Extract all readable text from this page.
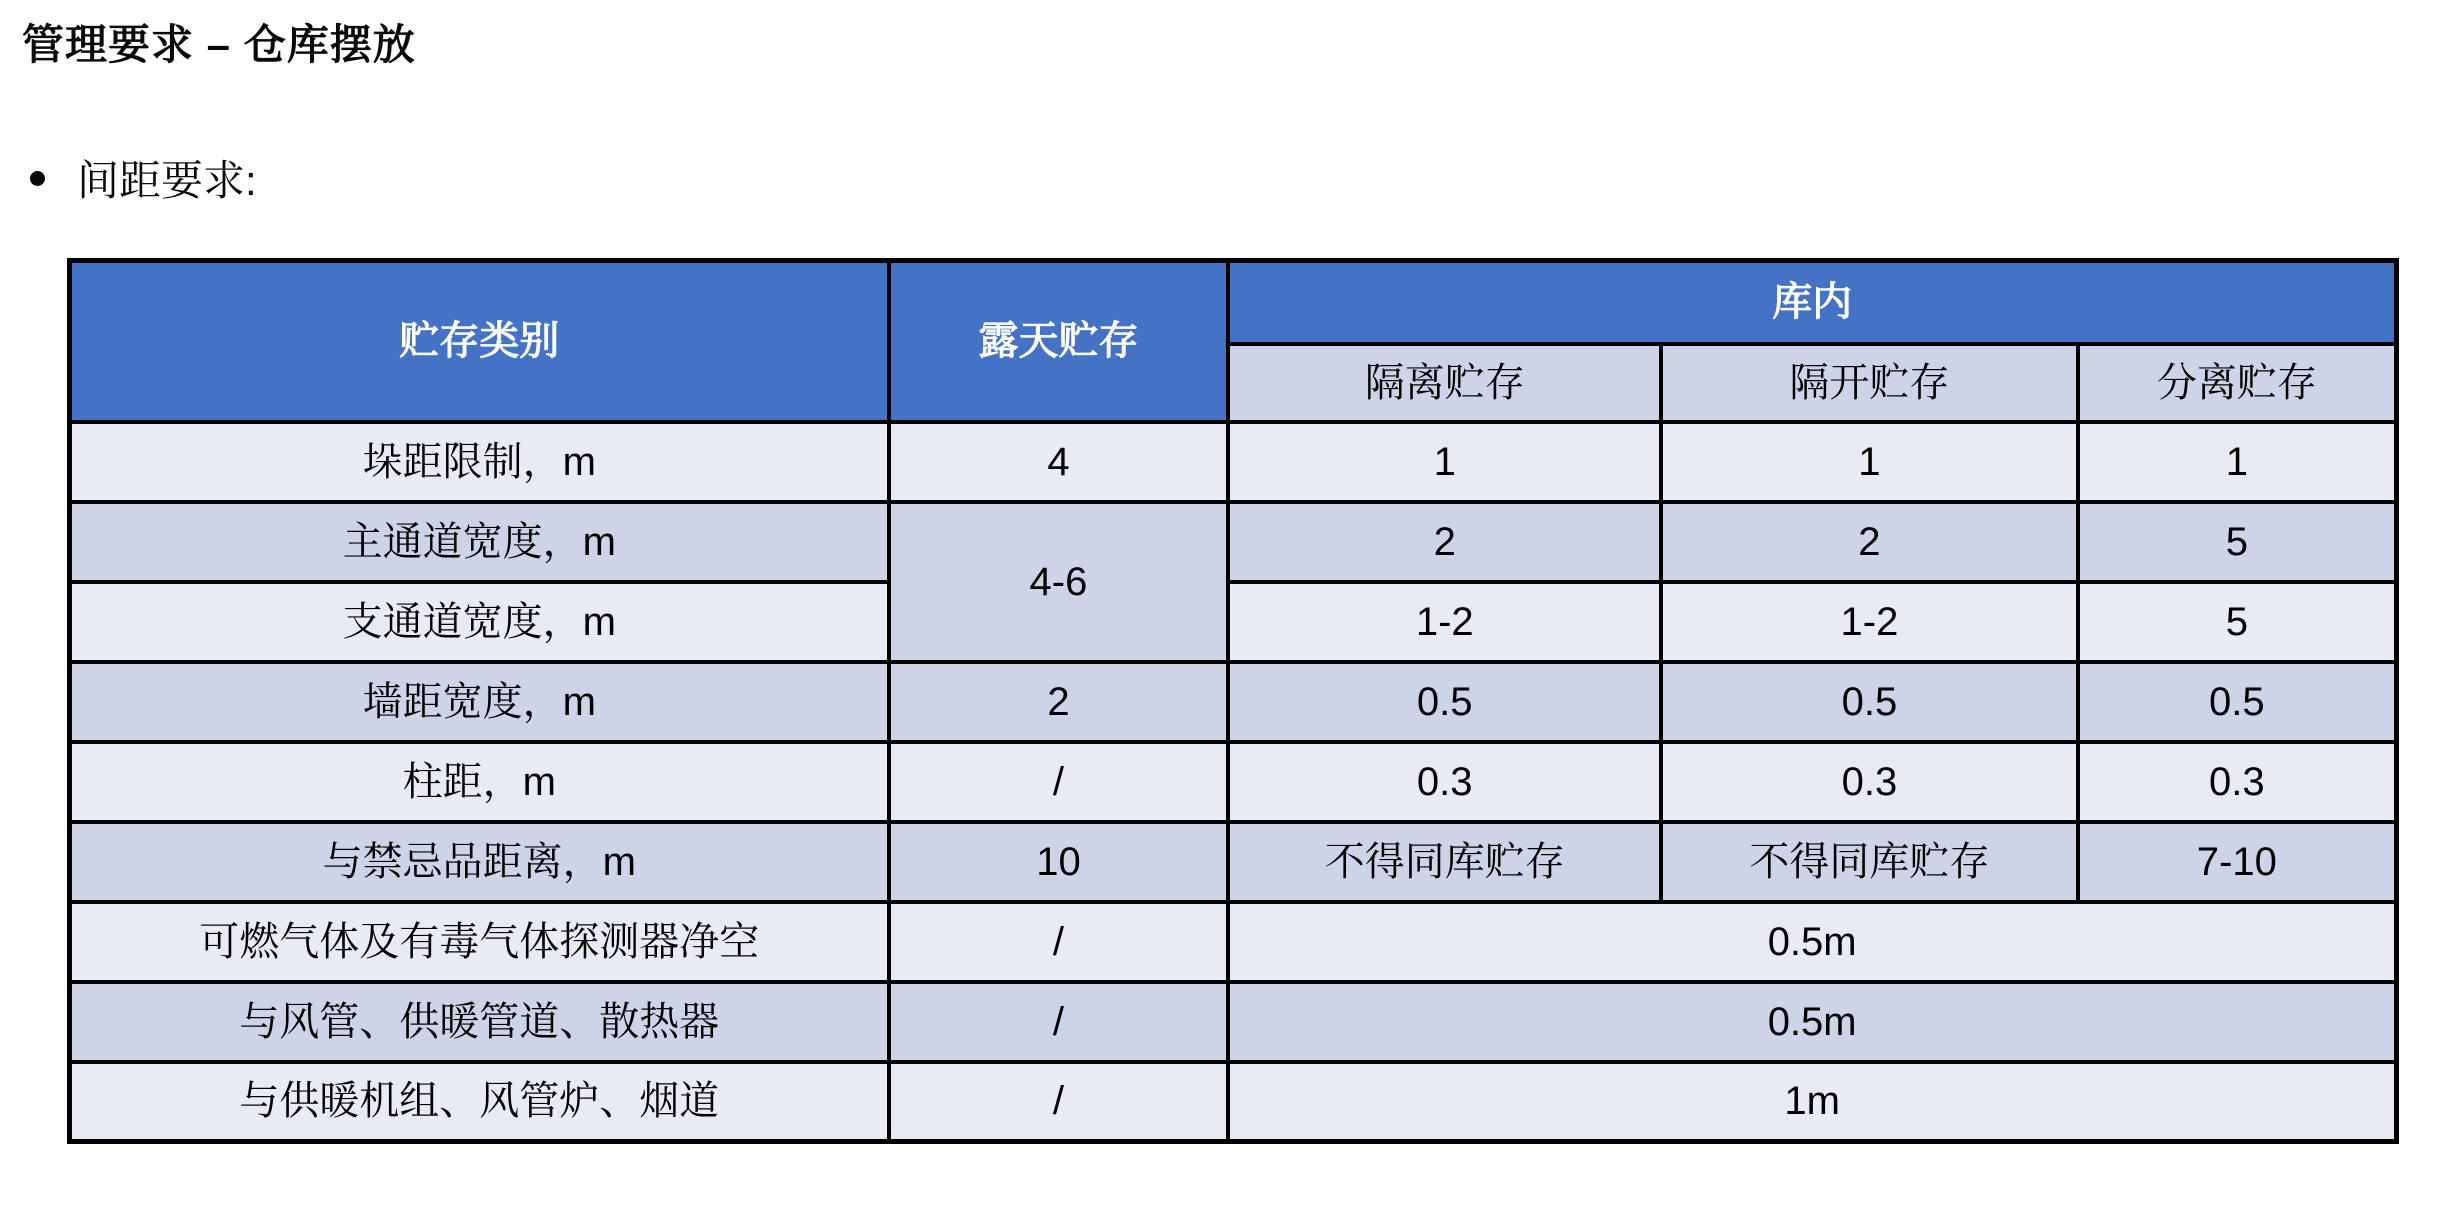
管理要求 – 仓库摆放
间距要求:
贮存类别	露天贮存	库内		
		隔离贮存	隔开贮存	分离贮存
垛距限制，m	4	1	1	1
主通道宽度，m	4-6	2	2	5
支通道宽度，m		1-2	1-2	5
墙距宽度，m	2	0.5	0.5	0.5
柱距，m	/	0.3	0.3	0.3
与禁忌品距离，m	10	不得同库贮存	不得同库贮存	7-10
可燃气体及有毒气体探测器净空	/	0.5m		
与风管、供暖管道、散热器	/	0.5m		
与供暖机组、风管炉、烟道	/	1m		
